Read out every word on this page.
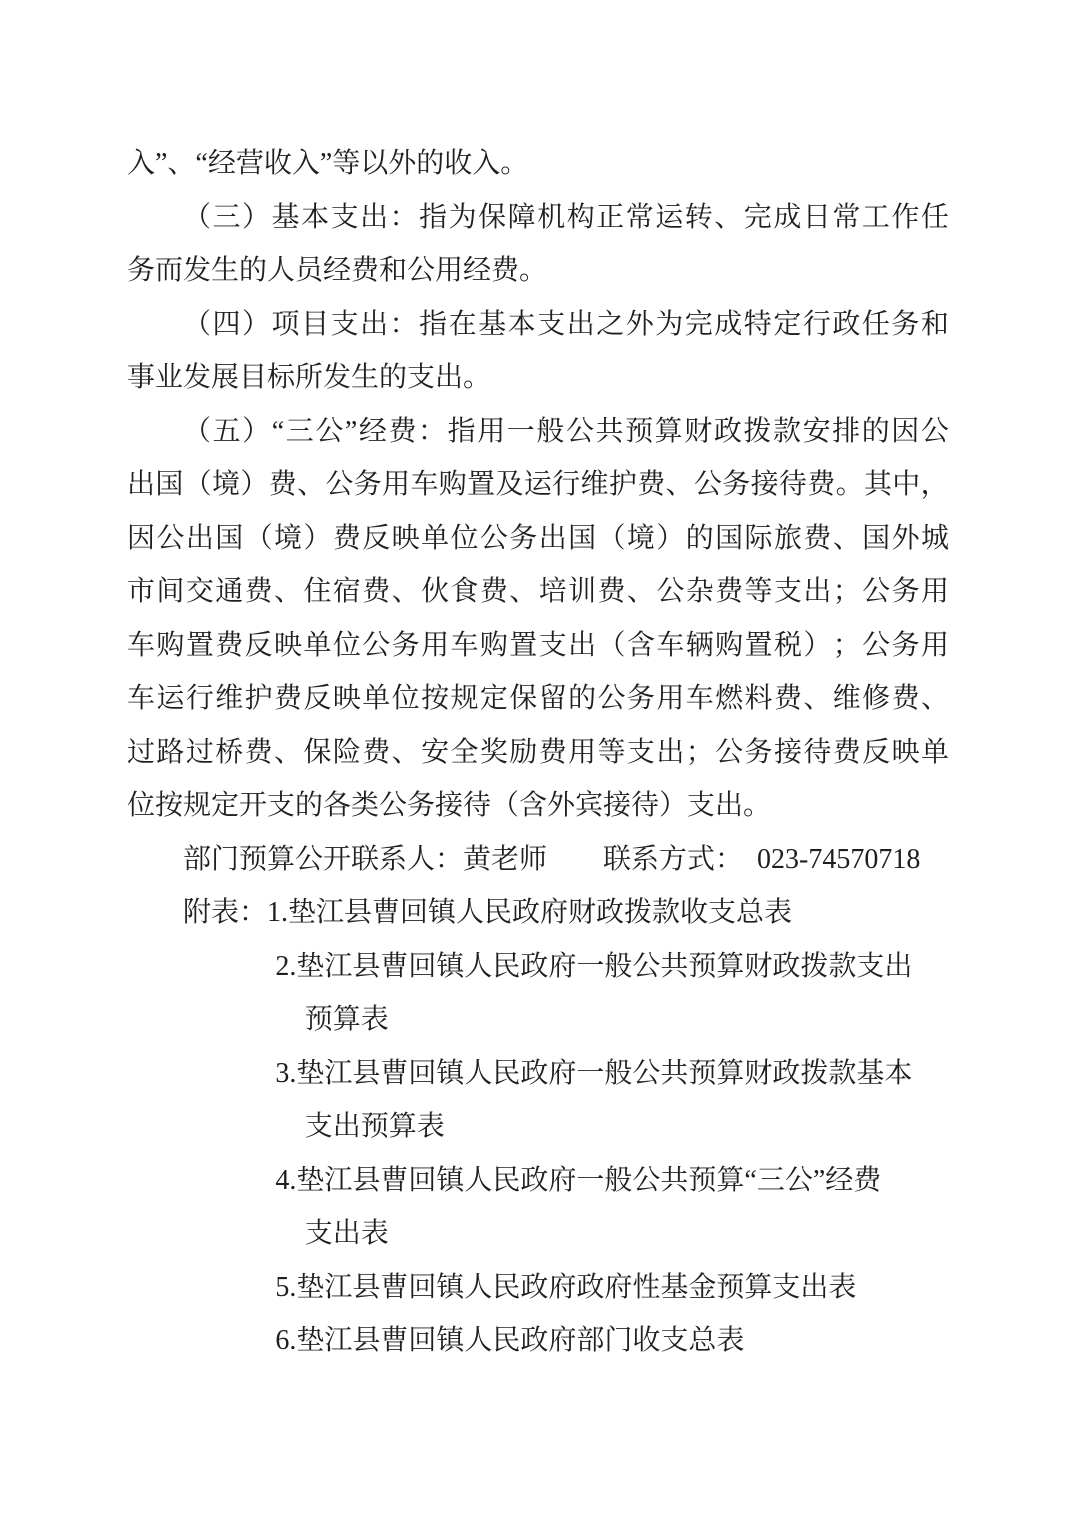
入”、“经营收入”等以外的收入。
（ 三 ） 基 本 支 出 ： 指 为 保 障 机 构 正 常 运 转 、 完 成 日 常 工 作 任
务而发生的人员经费和公用经费。
（ 四 ） 项 目 支 出 ： 指 在 基 本 支 出 之 外 为 完 成 特 定 行 政 任 务 和
事业发展目标所发生的支出。
（ 五 ） “ 三 公 ” 经 费 ： 指 用 一 般 公 共 预 算 财 政 拨 款 安 排 的 因 公
出 国 （ 境 ） 费 、 公 务 用 车 购 置 及 运 行 维 护 费 、 公 务 接 待 费 。 其 中 ，
因 公 出 国 （ 境 ） 费 反 映 单 位 公 务 出 国 （ 境 ） 的 国 际 旅 费 、 国 外 城
市 间 交 通 费 、 住 宿 费 、 伙 食 费 、 培 训 费 、 公 杂 费 等 支 出 ； 公 务 用
车 购 置 费 反 映 单 位 公 务 用 车 购 置 支 出 （ 含 车 辆 购 置 税 ） ； 公 务 用
车 运 行 维 护 费 反 映 单 位 按 规 定 保 留 的 公 务 用 车 燃 料 费 、 维 修 费 、
过 路 过 桥 费 、 保 险 费 、 安 全 奖 励 费 用 等 支 出 ； 公 务 接 待 费 反 映 单
位按规定开支的各类公务接待（含外宾接待）支出。
部门预算公开联系人：黄老师　　联系方式：　023-74570718
附表：1.垫江县曹回镇人民政府财政拨款收支总表
2.垫江县曹回镇人民政府一般公共预算财政拨款支出
预算表
3.垫江县曹回镇人民政府一般公共预算财政拨款基本
支出预算表
4.垫江县曹回镇人民政府一般公共预算“三公”经费
支出表
5.垫江县曹回镇人民政府政府性基金预算支出表
6.垫江县曹回镇人民政府部门收支总表
